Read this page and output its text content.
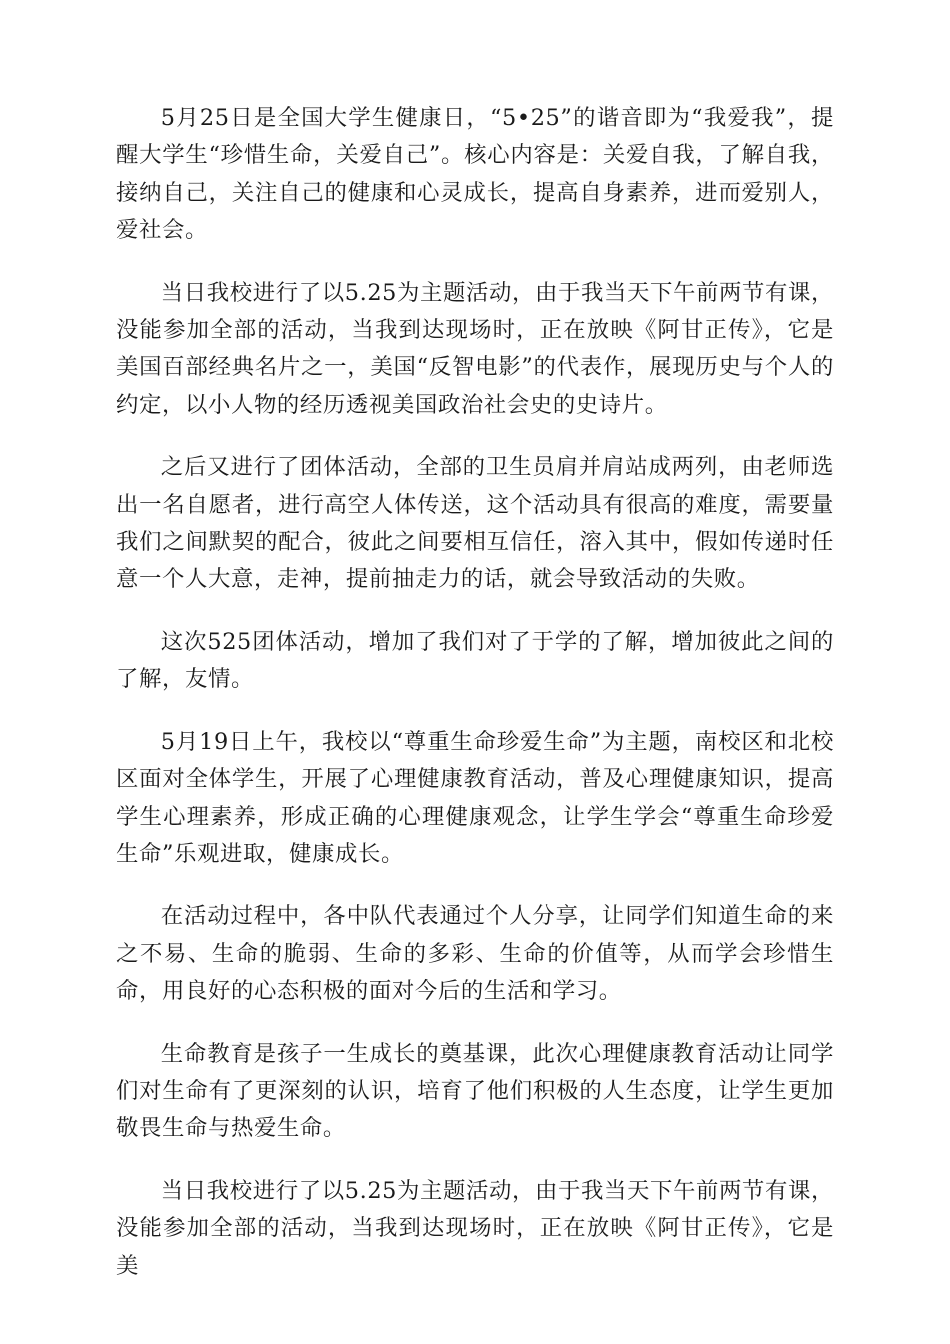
5月25日是全国大学生健康日，“5•25”的谐音即为“我爱我”，提醒大学生“珍惜生命，关爱自己”。核心内容是：关爱自我，了解自我，接纳自己，关注自己的健康和心灵成长，提高自身素养，进而爱别人，爱社会。

当日我校进行了以5.25为主题活动，由于我当天下午前两节有课，没能参加全部的活动，当我到达现场时，正在放映《阿甘正传》，它是美国百部经典名片之一，美国“反智电影”的代表作，展现历史与个人的约定，以小人物的经历透视美国政治社会史的史诗片。

之后又进行了团体活动，全部的卫生员肩并肩站成两列，由老师选出一名自愿者，进行高空人体传送，这个活动具有很高的难度，需要量我们之间默契的配合，彼此之间要相互信任，溶入其中，假如传递时任意一个人大意，走神，提前抽走力的话，就会导致活动的失败。

这次525团体活动，增加了我们对了于学的了解，增加彼此之间的了解，友情。

5月19日上午，我校以“尊重生命珍爱生命”为主题，南校区和北校区面对全体学生，开展了心理健康教育活动，普及心理健康知识，提高学生心理素养，形成正确的心理健康观念，让学生学会“尊重生命珍爱生命”乐观进取，健康成长。

在活动过程中，各中队代表通过个人分享，让同学们知道生命的来之不易、生命的脆弱、生命的多彩、生命的价值等，从而学会珍惜生命，用良好的心态积极的面对今后的生活和学习。

生命教育是孩子一生成长的奠基课，此次心理健康教育活动让同学们对生命有了更深刻的认识，培育了他们积极的人生态度，让学生更加敬畏生命与热爱生命。

当日我校进行了以5.25为主题活动，由于我当天下午前两节有课，没能参加全部的活动，当我到达现场时，正在放映《阿甘正传》，它是美
